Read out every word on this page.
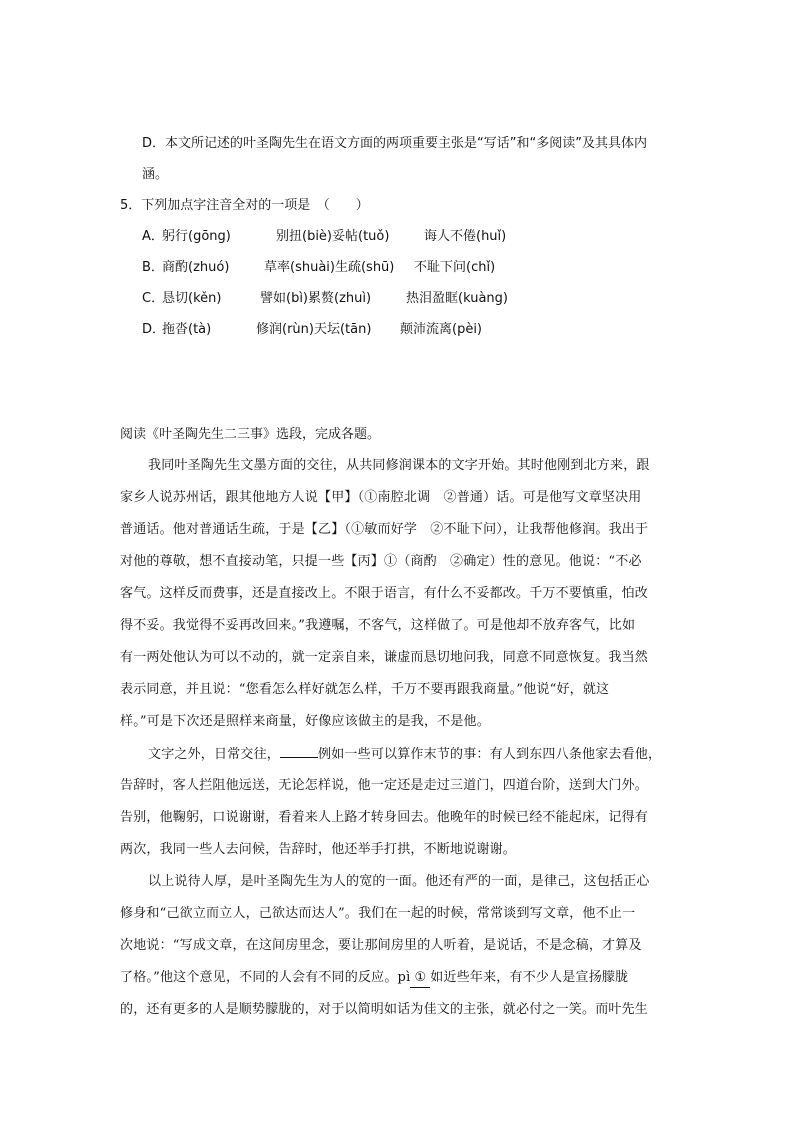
D．本文所记述的叶圣陶先生在语文方面的两项重要主张是“写话”和“多阅读”及其具体内
涵。
5．下列加点字注音全对的一项是　（　　）
A．
躬行(gōng)	别扭(biè)妥帖(tuǒ)	诲人不倦(huǐ)
B．
商酌(zhuó)	草率(shuài)生疏(shū) 不耻下问(chǐ)
C．
恳切(kěn)	譬如(bì)累赘(zhuì)	热泪盈眶(kuàng)
D．
拖沓(tà)	修润(rùn)天坛(tān) 颠沛流离(pèi)
阅读《叶圣陶先生二三事》选段，完成各题。
我同叶圣陶先生文墨方面的交往，从共同修润课本的文字开始。其时他刚到北方来，跟
家乡人说苏州话，跟其他地方人说【甲】（①南腔北调　②普通）话。可是他写文章坚决用
普通话。他对普通话生疏，于是【乙】（①敏而好学　②不耻下问），让我帮他修润。我出于
对他的尊敬，想不直接动笔，只提一些【丙】①（商酌　②确定）性的意见。他说：“不必
客气。这样反而费事，还是直接改上。不限于语言，有什么不妥都改。千万不要慎重，怕改
得不妥。我觉得不妥再改回来。”我遵嘱，不客气，这样做了。可是他却不放弃客气，比如
有一两处他认为可以不动的，就一定亲自来，谦虚而恳切地问我，同意不同意恢复。我当然
表示同意，并且说：“您看怎么样好就怎么样，千万不要再跟我商量。”他说“好，就这
样。”可是下次还是照样来商量，好像应该做主的是我，不是他。
文字之外，日常交往，	例如一些可以算作末节的事：有人到东四八条他家去看他，
告辞时，客人拦阻他远送，无论怎样说，他一定还是走过三道门，四道台阶，送到大门外。
告别，他鞠躬，口说谢谢，看着来人上路才转身回去。他晚年的时候已经不能起床，记得有
两次，我同一些人去问候，告辞时，他还举手打拱，不断地说谢谢。
以上说待人厚，是叶圣陶先生为人的宽的一面。他还有严的一面，是律己，这包括正心
修身和“己欲立而立人，己欲达而达人”。我们在一起的时候，常常谈到写文章，他不止一
次地说：“写成文章，在这间房里念，要让那间房里的人听着，是说话，不是念稿，才算及
了格。”他这个意见，不同的人会有不同的反应。pì ① 如近些年来，有不少人是宣扬朦胧
的，还有更多的人是顺势朦胧的，对于以简明如话为佳文的主张，就必付之一笑。而叶先生
